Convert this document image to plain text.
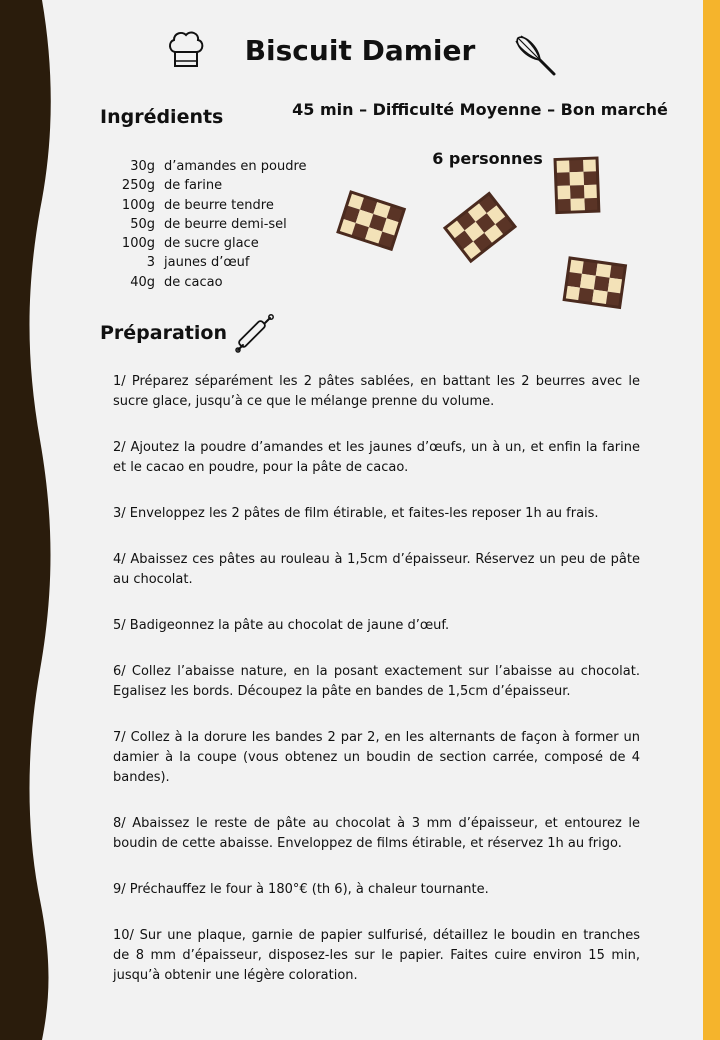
Biscuit Damier
Ingrédients	45 min – Difficulté Moyenne – Bon marché
6 personnes
30g d’amandes en poudre
250g de farine
100g de beurre tendre
50g de beurre demi-sel
100g de sucre glace
3 jaunes d’œuf
40g de cacao
Préparation

1/ Préparez séparément les 2 pâtes sablées, en battant les 2 beurres avec le sucre glace, jusqu’à ce que le mélange prenne du volume.

2/ Ajoutez la poudre d’amandes et les jaunes d’œufs, un à un, et enfin la farine et le cacao en poudre, pour la pâte de cacao.

3/ Enveloppez les 2 pâtes de film étirable, et faites-les reposer 1h au frais.

4/ Abaissez ces pâtes au rouleau à 1,5cm d’épaisseur. Réservez un peu de pâte au chocolat.

5/ Badigeonnez la pâte au chocolat de jaune d’œuf.

6/ Collez l’abaisse nature, en la posant exactement sur l’abaisse au chocolat. Egalisez les bords. Découpez la pâte en bandes de 1,5cm d’épaisseur.

7/ Collez à la dorure les bandes 2 par 2, en les alternants de façon à former un damier à la coupe (vous obtenez un boudin de section carrée, composé de 4 bandes).

8/ Abaissez le reste de pâte au chocolat à 3 mm d’épaisseur, et entourez le boudin de cette abaisse. Enveloppez de films étirable, et réservez 1h au frigo.

9/ Préchauffez le four à 180°€ (th 6), à chaleur tournante.

10/ Sur une plaque, garnie de papier sulfurisé, détaillez le boudin en tranches de 8 mm d’épaisseur, disposez-les sur le papier. Faites cuire environ 15 min, jusqu’à obtenir une légère coloration.
